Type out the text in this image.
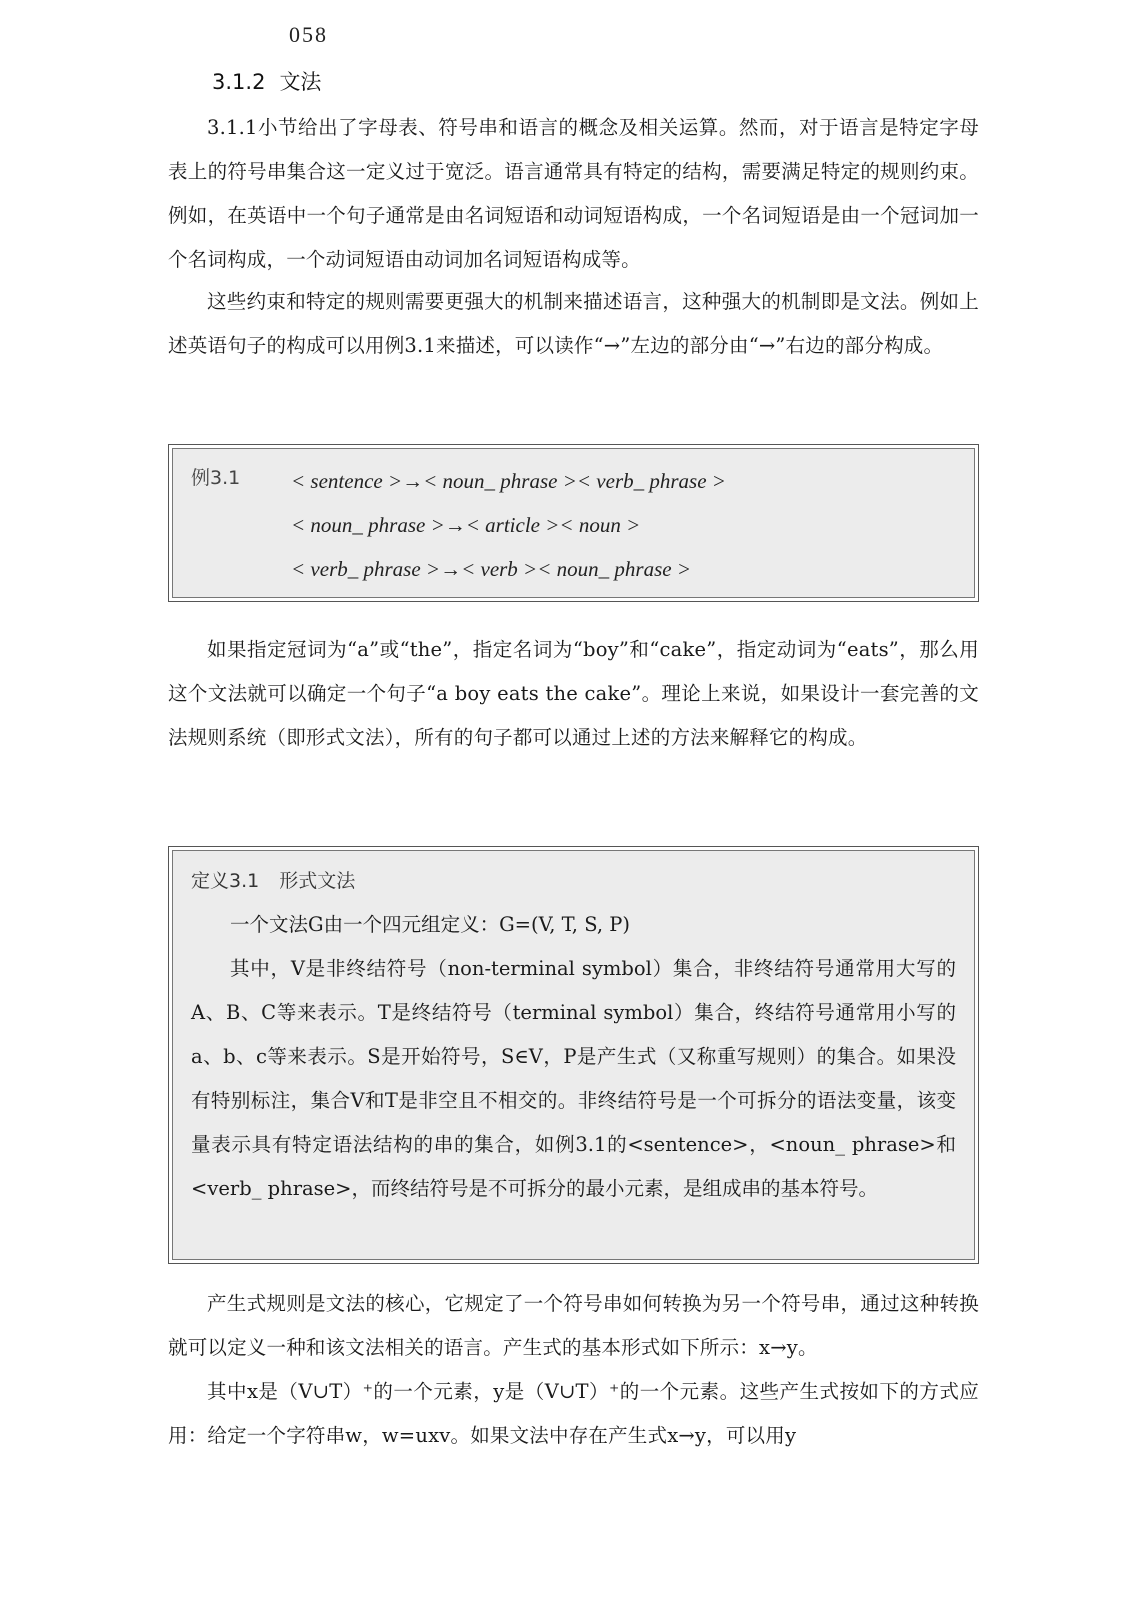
058
3.1.2 文法

3.1.1小节给出了字母表、符号串和语言的概念及相关运算。然而，对于语言是特定字母表上的符号串集合这一定义过于宽泛。语言通常具有特定的结构，需要满足特定的规则约束。例如，在英语中一个句子通常是由名词短语和动词短语构成，一个名词短语是由一个冠词加一个名词构成，一个动词短语由动词加名词短语构成等。

这些约束和特定的规则需要更强大的机制来描述语言，这种强大的机制即是文法。例如上述英语句子的构成可以用例3.1来描述，可以读作“→”左边的部分由“→”右边的部分构成。

例3.1 < sentence >→< noun_ phrase >< verb_ phrase >
< noun_ phrase >→< article >< noun >
< verb_ phrase >→< verb >< noun_ phrase >

如果指定冠词为“a”或“the”，指定名词为“boy”和“cake”，指定动词为“eats”，那么用这个文法就可以确定一个句子“a boy eats the cake”。理论上来说，如果设计一套完善的文法规则系统（即形式文法），所有的句子都可以通过上述的方法来解释它的构成。

定义3.1 形式文法

一个文法G由一个四元组定义：G=(V, T, S, P)

其中，V是非终结符号（non-terminal symbol）集合，非终结符号通常用大写的A、B、C等来表示。T是终结符号（terminal symbol）集合，终结符号通常用小写的a、b、c等来表示。S是开始符号，S∈V，P是产生式（又称重写规则）的集合。如果没有特别标注，集合V和T是非空且不相交的。非终结符号是一个可拆分的语法变量，该变量表示具有特定语法结构的串的集合，如例3.1的<sentence>，<noun_ phrase>和<verb_ phrase>，而终结符号是不可拆分的最小元素，是组成串的基本符号。

产生式规则是文法的核心，它规定了一个符号串如何转换为另一个符号串，通过这种转换就可以定义一种和该文法相关的语言。产生式的基本形式如下所示：x→y。

其中x是（V∪T）⁺的一个元素，y是（V∪T）⁺的一个元素。这些产生式按如下的方式应用：给定一个字符串w，w=uxv。如果文法中存在产生式x→y，可以用y
